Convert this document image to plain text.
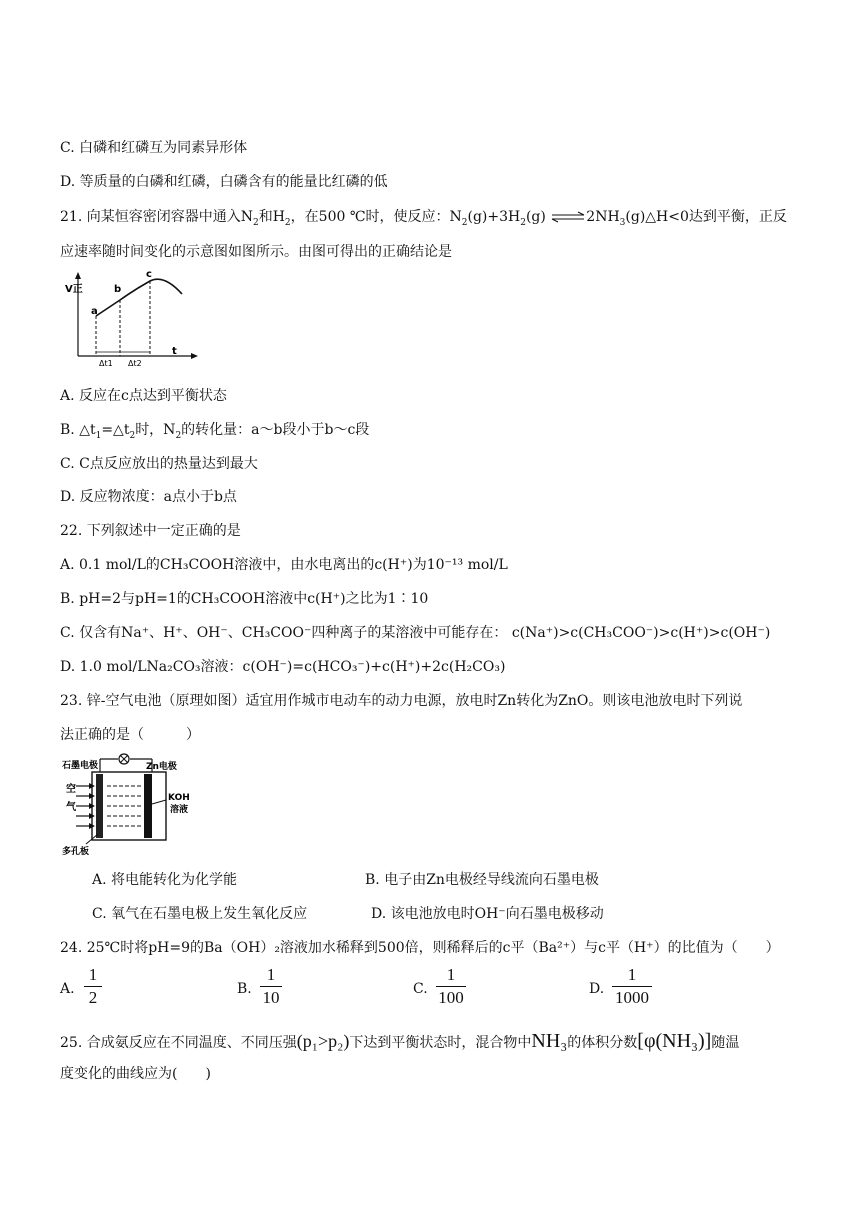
C. 白磷和红磷互为同素异形体
D. 等质量的白磷和红磷，白磷含有的能量比红磷的低
21. 向某恒容密闭容器中通入$N_2$和$H_2$，在500 ℃时，使反应：$N_2(g)+3H_2(g)$ $\rightleftharpoons 2NH_3(g)\triangle H<0$达到平衡，正反
应速率随时间变化的示意图如图所示。由图可得出的正确结论是
V正
a
b
c
t
Δt1 Δt2
A. 反应在c点达到平衡状态
B. $\triangle t_1=\triangle t_2$时，$N_2$的转化量：a～b段小于b～c段
C. C点反应放出的热量达到最大
D. 反应物浓度：a点小于b点
22. 下列叙述中一定正确的是
A. 0.1 mol/L的CH₃COOH溶液中，由水电离出的c(H⁺)为10⁻¹³ mol/L
B. pH=2与pH=1的CH₃COOH溶液中c(H⁺)之比为1∶10
C. 仅含有Na⁺、H⁺、OH⁻、CH₃COO⁻四种离子的某溶液中可能存在： c(Na⁺)>c(CH₃COO⁻)>c(H⁺)>c(OH⁻)
D. 1.0 mol/LNa₂CO₃溶液：c(OH⁻)=c(HCO₃⁻)+c(H⁺)+2c(H₂CO₃)
23. 锌-空气电池（原理如图）适宜用作城市电动车的动力电源，放电时Zn转化为ZnO。则该电池放电时下列说
法正确的是（　　　）
石墨电极	Zn电极
空
气
KOH
溶液
多孔板
A. 将电能转化为化学能	B. 电子由Zn电极经导线流向石墨电极
C. 氧气在石墨电极上发生氧化反应	D. 该电池放电时OH⁻向石墨电极移动
24. 25℃时将pH=9的Ba（OH）₂溶液加水稀释到500倍，则稀释后的c平（Ba²⁺）与c平（H⁺）的比值为（　　）
A.
1
2	B.
1
10	C.
1
100	D.
1
1000
25. 合成氨反应在不同温度、不同压强(p₁>p₂)下达到平衡状态时，混合物中NH₃的体积分数[φ(NH₃)]随温
度变化的曲线应为(　　)
